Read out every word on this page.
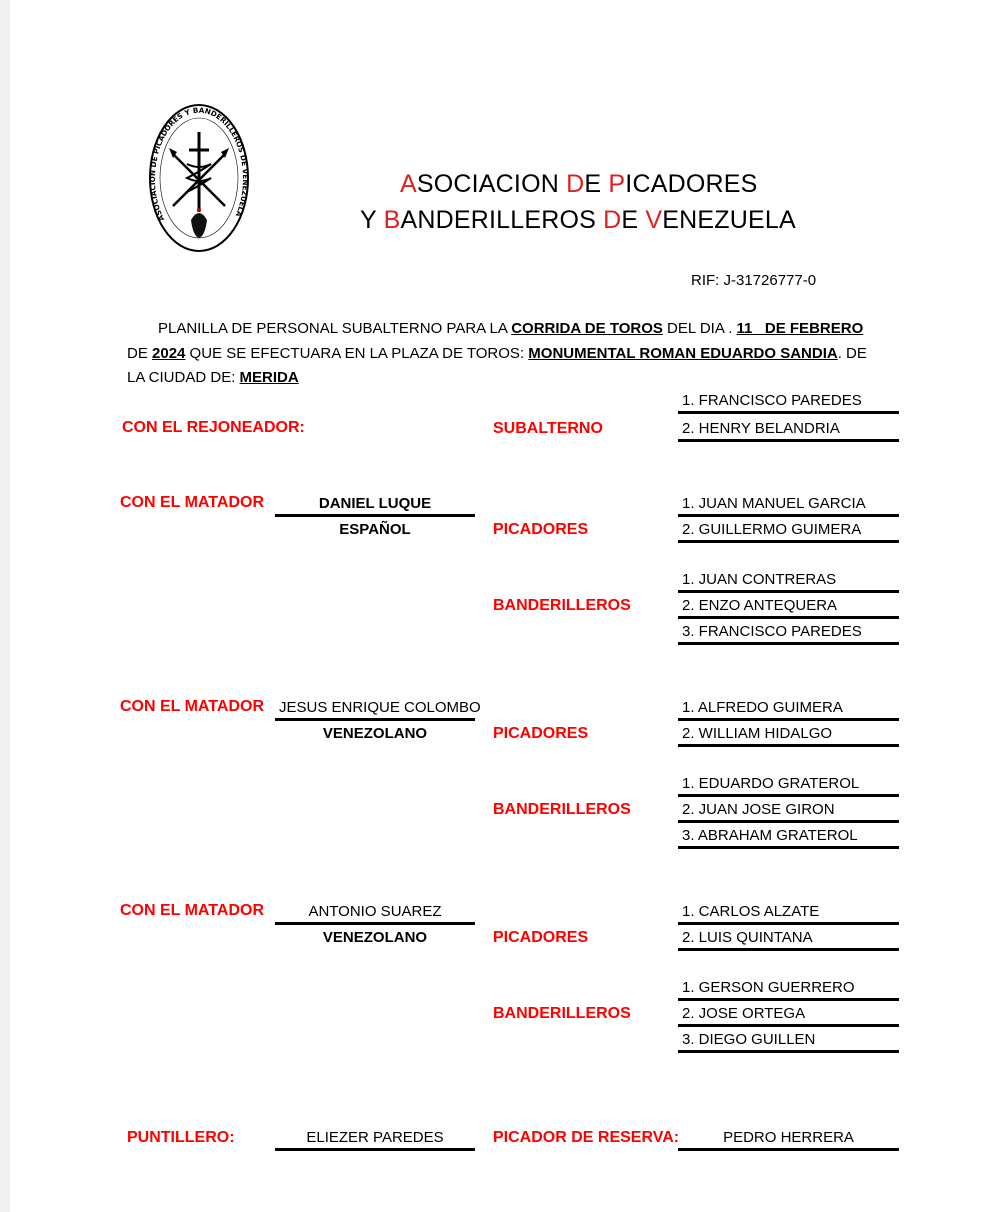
ASOCIACION DE PICADORES Y BANDERILLEROS DE VENEZUELA
ASOCIACION DE PICADORES
Y BANDERILLEROS DE VENEZUELA
RIF: J-31726777-0
PLANILLA DE PERSONAL SUBALTERNO PARA LA CORRIDA DE TOROS DEL DIA . 11   DE FEBRERO
DE 2024 QUE SE EFECTUARA EN LA PLAZA DE TOROS: MONUMENTAL ROMAN EDUARDO SANDIA. DE
LA CIUDAD DE: MERIDA
CON EL REJONEADOR:	SUBALTERNO
1. FRANCISCO PAREDES
2. HENRY BELANDRIA
CON EL MATADOR	DANIEL LUQUE
ESPAÑOL	PICADORES
1. JUAN MANUEL GARCIA
2. GUILLERMO GUIMERA
BANDERILLEROS
1. JUAN CONTRERAS
2. ENZO ANTEQUERA
3. FRANCISCO PAREDES
CON EL MATADOR JESUS ENRIQUE COLOMBO
VENEZOLANO	PICADORES
1. ALFREDO GUIMERA
2. WILLIAM HIDALGO
BANDERILLEROS
1. EDUARDO GRATEROL
2. JUAN JOSE GIRON
3. ABRAHAM GRATEROL
CON EL MATADOR	ANTONIO SUAREZ
VENEZOLANO	PICADORES
1. CARLOS ALZATE
2. LUIS QUINTANA
BANDERILLEROS
1. GERSON GUERRERO
2. JOSE ORTEGA
3. DIEGO GUILLEN
PUNTILLERO:	ELIEZER PAREDES	PICADOR DE RESERVA:	PEDRO HERRERA
